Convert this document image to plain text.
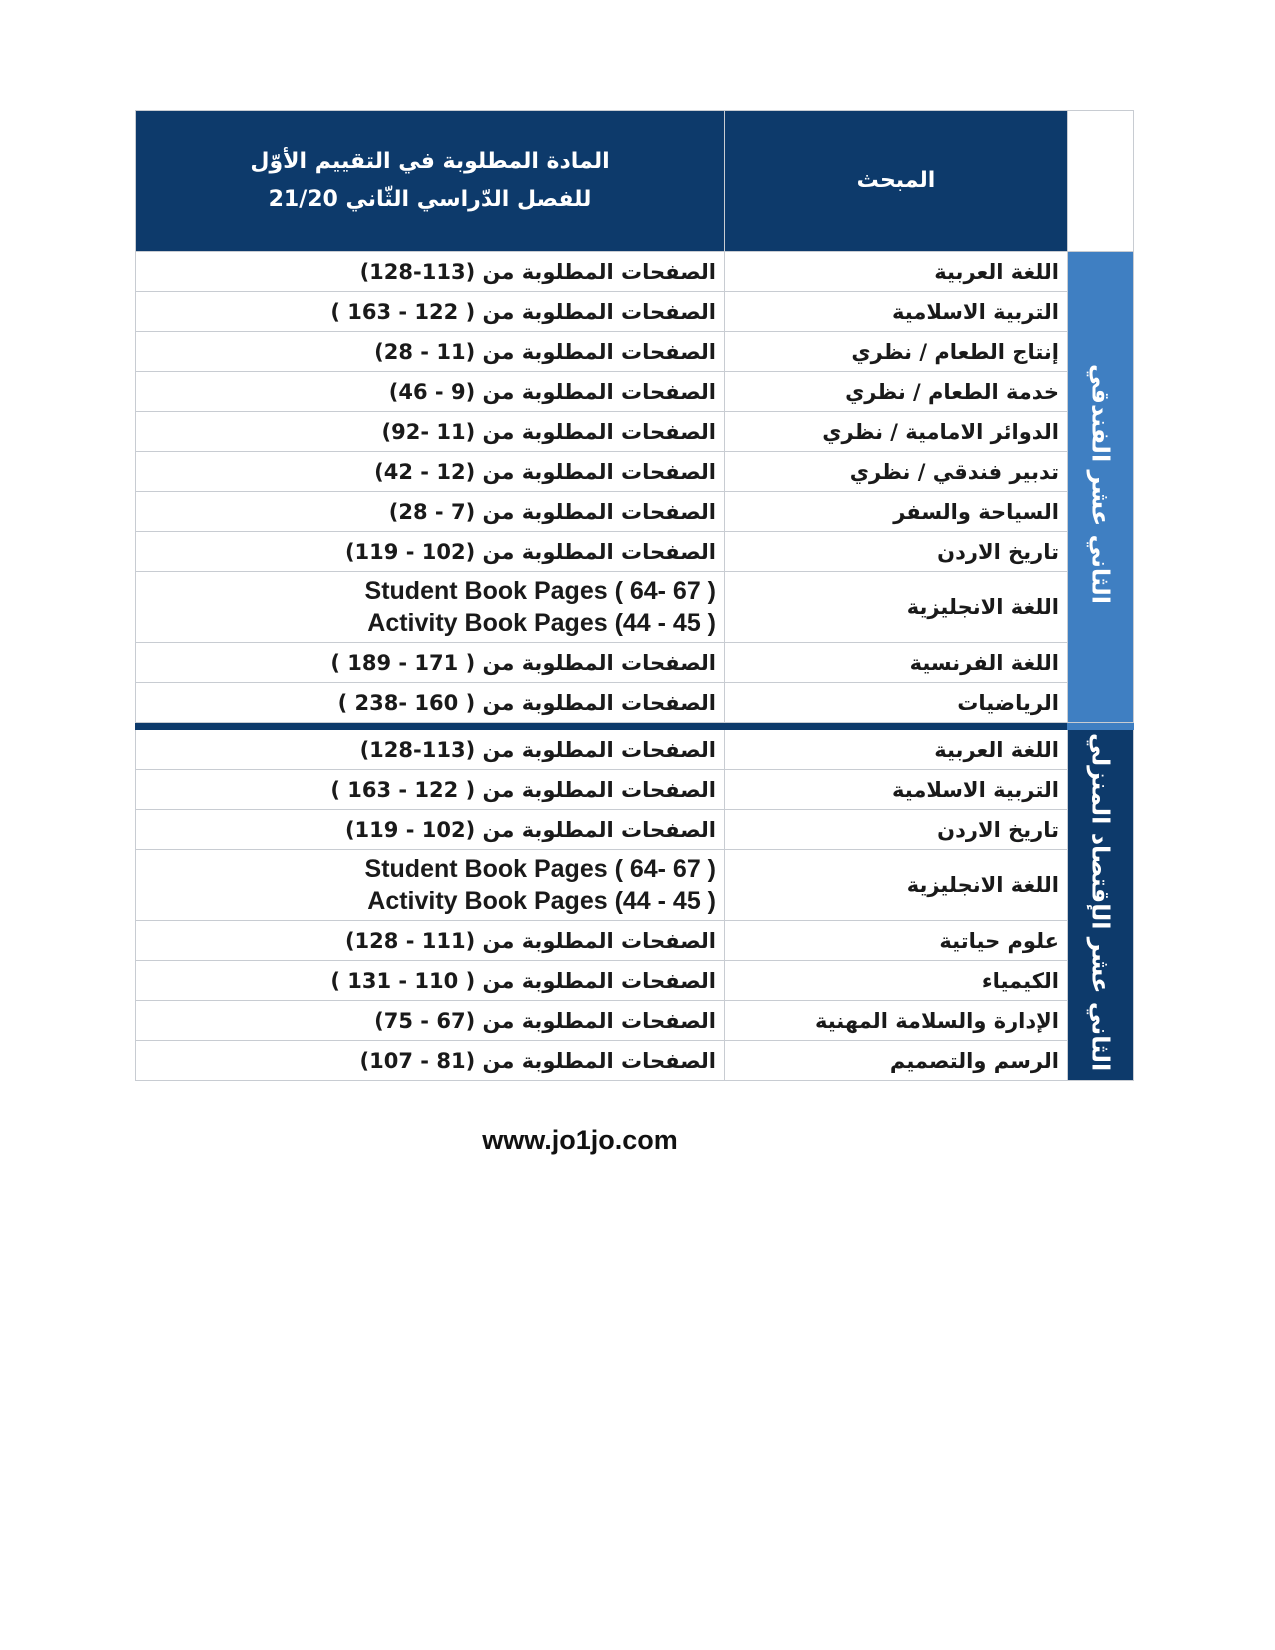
	المبحث	المادة المطلوبة في التقييم الأوّل
للفصل الدّراسي الثّاني 21/20

الثاني عشر الفندقي	اللغة العربية	الصفحات المطلوبة من (113-128)
	التربية الاسلامية	الصفحات المطلوبة من ( 122 - 163 )
	إنتاج الطعام / نظري	الصفحات المطلوبة من (11 - 28)
	خدمة الطعام / نظري	الصفحات المطلوبة من (9 - 46)
	الدوائر الامامية / نظري	الصفحات المطلوبة من (11 -92)
	تدبير فندقي / نظري	الصفحات المطلوبة من (12 - 42)
	السياحة والسفر	الصفحات المطلوبة من (7 - 28)
	تاريخ الاردن	الصفحات المطلوبة من (102 - 119)
	اللغة الانجليزية	Student Book Pages ( 64- 67 )
Activity Book Pages (44 - 45 )

	اللغة الفرنسية	الصفحات المطلوبة من ( 171 - 189 )
	الرياضيات	الصفحات المطلوبة من ( 160 -238 )

الثاني عشر الإقتصاد المنزلي	اللغة العربية	الصفحات المطلوبة من (113-128)
	التربية الاسلامية	الصفحات المطلوبة من ( 122 - 163 )
	تاريخ الاردن	الصفحات المطلوبة من (102 - 119)
	اللغة الانجليزية	Student Book Pages ( 64- 67 )
Activity Book Pages (44 - 45 )

	علوم حياتية	الصفحات المطلوبة من (111 - 128)
	الكيمياء	الصفحات المطلوبة من ( 110 - 131 )
	الإدارة والسلامة المهنية	الصفحات المطلوبة من (67 - 75)
	الرسم والتصميم	الصفحات المطلوبة من (81 - 107)
www.jo1jo.com
